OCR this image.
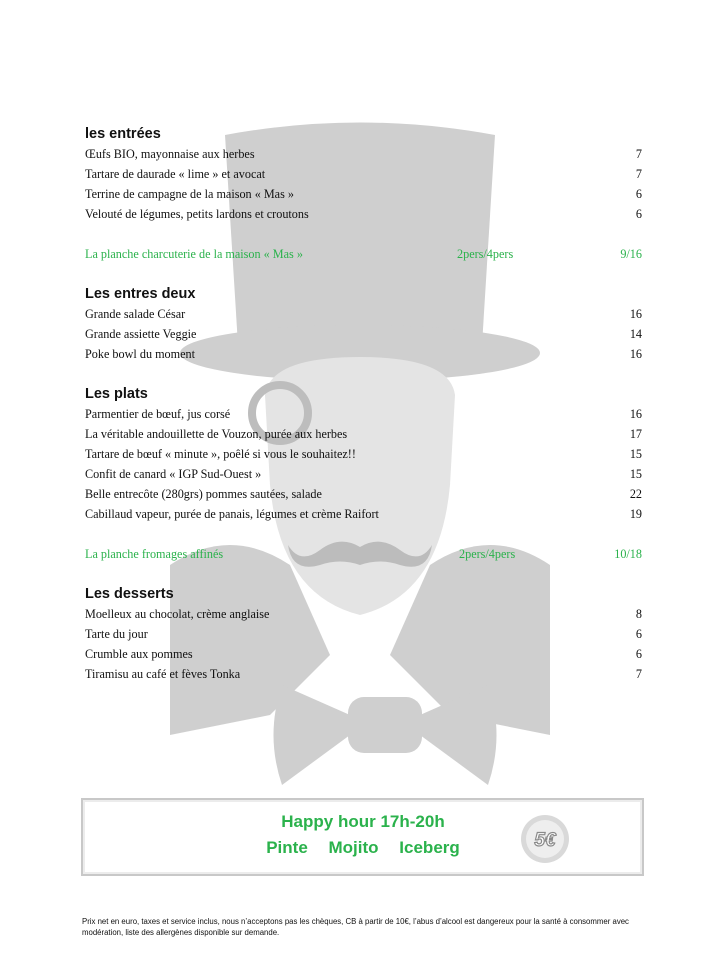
les entrées
Œufs BIO, mayonnaise aux herbes	7
Tartare de daurade « lime » et avocat	7
Terrine de campagne de la maison « Mas »	6
Velouté de légumes, petits lardons et croutons	6
La planche charcuterie de la maison « Mas »	2pers/4pers	9/16
Les entres deux
Grande salade César	16
Grande assiette Veggie	14
Poke bowl du moment	16
Les plats
Parmentier de bœuf, jus corsé	16
La véritable andouillette de Vouzon, purée aux herbes	17
Tartare de bœuf « minute », poêlé si vous le souhaitez!!	15
Confit de canard « IGP Sud-Ouest »	15
Belle entrecôte (280grs) pommes sautées, salade	22
Cabillaud vapeur, purée de panais, légumes et crème Raifort	19
La planche fromages affinés	2pers/4pers	10/18
Les desserts
Moelleux au chocolat, crème anglaise	8
Tarte du jour	6
Crumble aux pommes	6
Tiramisu au café et fèves Tonka	7
Happy hour 17h-20h
Pinte Mojito Iceberg	5€
Prix net en euro, taxes et service inclus, nous n’acceptons pas les chèques, CB à partir de 10€, l’abus d’alcool est dangereux pour la santé à consommer avec modération, liste des allergènes disponible sur demande.
